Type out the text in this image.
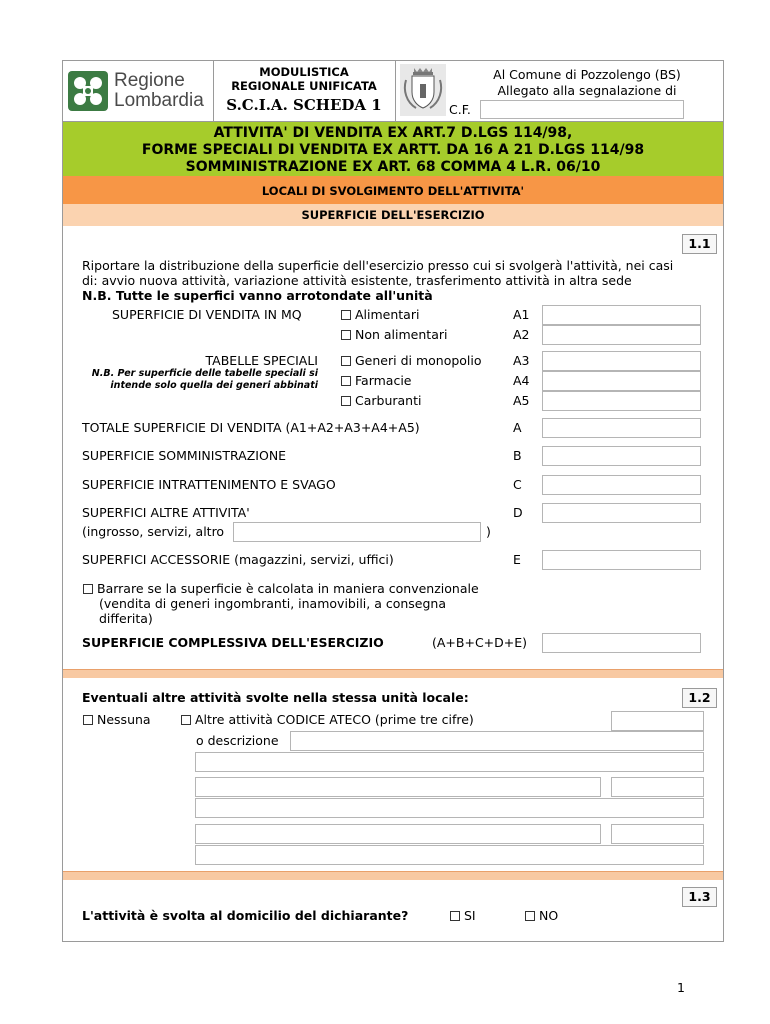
Regione
Lombardia
MODULISTICA
REGIONALE UNIFICATA
S.C.I.A. SCHEDA 1
Al Comune di Pozzolengo (BS)
Allegato alla segnalazione di
C.F.
ATTIVITA' DI VENDITA EX ART.7 D.LGS 114/98,
FORME SPECIALI DI VENDITA EX ARTT. DA 16 A 21 D.LGS 114/98
SOMMINISTRAZIONE EX ART. 68 COMMA 4 L.R. 06/10
LOCALI DI SVOLGIMENTO DELL'ATTIVITA'
SUPERFICIE DELL'ESERCIZIO
1.1
Riportare la distribuzione della superficie dell'esercizio presso cui si svolgerà l'attività, nei casi
di: avvio nuova attività, variazione attività esistente, trasferimento attività in altra sede
N.B. Tutte le superfici vanno arrotondate all'unità
SUPERFICIE DI VENDITA IN MQ	Alimentari	A1
Non alimentari	A2
TABELLE SPECIALI
N.B. Per superficie delle tabelle speciali si
intende solo quella dei generi abbinati
Generi di monopolio	A3
Farmacie	A4
Carburanti	A5
TOTALE SUPERFICIE DI VENDITA (A1+A2+A3+A4+A5)	A
SUPERFICIE SOMMINISTRAZIONE	B
SUPERFICIE INTRATTENIMENTO E SVAGO	C
SUPERFICI ALTRE ATTIVITA'	D
(ingrosso, servizi, altro	)
SUPERFICI ACCESSORIE (magazzini, servizi, uffici)	E
Barrare se la superficie è calcolata in maniera convenzionale
(vendita di generi ingombranti, inamovibili, a consegna
differita)
SUPERFICIE COMPLESSIVA DELL'ESERCIZIO	(A+B+C+D+E)
Eventuali altre attività svolte nella stessa unità locale:	1.2
Nessuna	Altre attività CODICE ATECO (prime tre cifre)
o descrizione
1.3
L'attività è svolta al domicilio del dichiarante?	SI	NO
1
